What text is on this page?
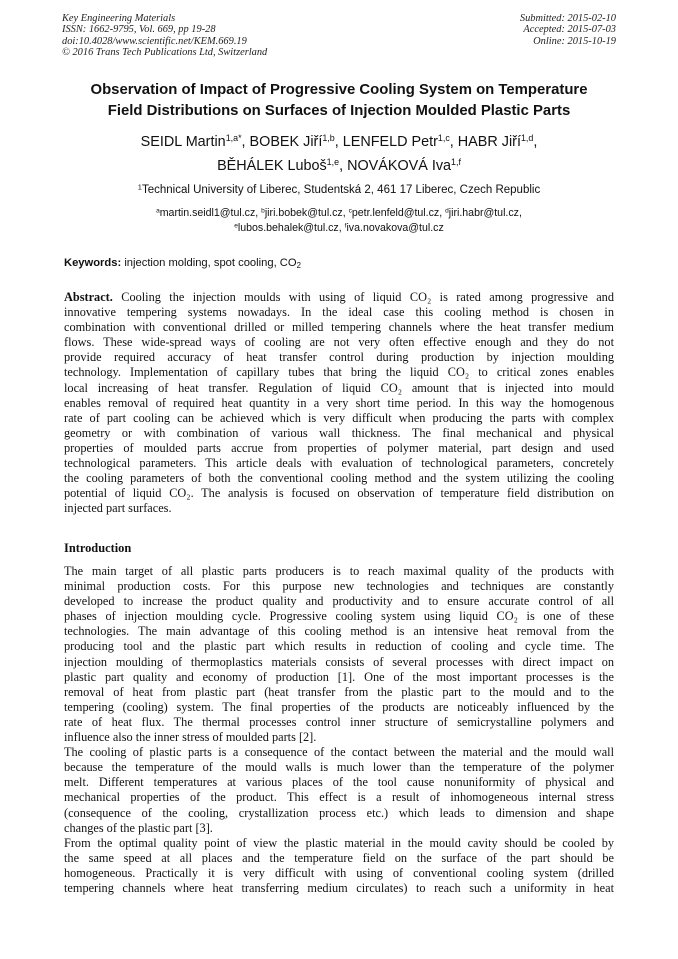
Key Engineering Materials
ISSN: 1662-9795, Vol. 669, pp 19-28
doi:10.4028/www.scientific.net/KEM.669.19
© 2016 Trans Tech Publications Ltd, Switzerland
Submitted: 2015-02-10
Accepted: 2015-07-03
Online: 2015-10-19
Observation of Impact of Progressive Cooling System on Temperature
Field Distributions on Surfaces of Injection Moulded Plastic Parts
SEIDL Martin$^{1,a*}$, BOBEK Jiří$^{1,b}$, LENFELD Petr$^{1,c}$, HABR Jiří$^{1,d}$,
BĚHÁLEK Luboš$^{1,e}$, NOVÁKOVÁ Iva$^{1,f}$
$^1$Technical University of Liberec, Studentská 2, 461 17 Liberec, Czech Republic
$^a$martin.seidl1@tul.cz, $^b$jiri.bobek@tul.cz, $^c$petr.lenfeld@tul.cz, $^d$jiri.habr@tul.cz,
$^e$lubos.behalek@tul.cz, $^f$iva.novakova@tul.cz
Keywords: injection molding, spot cooling, $CO_2$
Abstract. Cooling the injection moulds with using of liquid CO₂ is rated among progressive and
innovative tempering systems nowadays. In the ideal case this cooling method is chosen in
combination with conventional drilled or milled tempering channels where the heat transfer medium
flows. These wide-spread ways of cooling are not very often effective enough and they do not
provide required accuracy of heat transfer control during production by injection moulding
technology. Implementation of capillary tubes that bring the liquid CO₂ to critical zones enables
local increasing of heat transfer. Regulation of liquid CO₂ amount that is injected into mould
enables removal of required heat quantity in a very short time period. In this way the homogenous
rate of part cooling can be achieved which is very difficult when producing the parts with complex
geometry or with combination of various wall thickness. The final mechanical and physical
properties of moulded parts accrue from properties of polymer material, part design and used
technological parameters. This article deals with evaluation of technological parameters, concretely
the cooling parameters of both the conventional cooling method and the system utilizing the cooling
potential of liquid CO₂. The analysis is focused on observation of temperature field distribution on
injected part surfaces.
Introduction
The main target of all plastic parts producers is to reach maximal quality of the products with
minimal production costs. For this purpose new technologies and techniques are constantly
developed to increase the product quality and productivity and to ensure accurate control of all
phases of injection moulding cycle. Progressive cooling system using liquid CO₂ is one of these
technologies. The main advantage of this cooling method is an intensive heat removal from the
producing tool and the plastic part which results in reduction of cooling and cycle time. The
injection moulding of thermoplastics materials consists of several processes with direct impact on
plastic part quality and economy of production [1]. One of the most important processes is the
removal of heat from plastic part (heat transfer from the plastic part to the mould and to the
tempering (cooling) system. The final properties of the products are noticeably influenced by the
rate of heat flux. The thermal processes control inner structure of semicrystalline polymers and
influence also the inner stress of moulded parts [2].
The cooling of plastic parts is a consequence of the contact between the material and the mould wall
because the temperature of the mould walls is much lower than the temperature of the polymer
melt. Different temperatures at various places of the tool cause nonuniformity of physical and
mechanical properties of the product. This effect is a result of inhomogeneous internal stress
(consequence of the cooling, crystallization process etc.) which leads to dimension and shape
changes of the plastic part [3].
From the optimal quality point of view the plastic material in the mould cavity should be cooled by
the same speed at all places and the temperature field on the surface of the part should be
homogeneous. Practically it is very difficult with using of conventional cooling system (drilled
tempering channels where heat transferring medium circulates) to reach such a uniformity in heat
